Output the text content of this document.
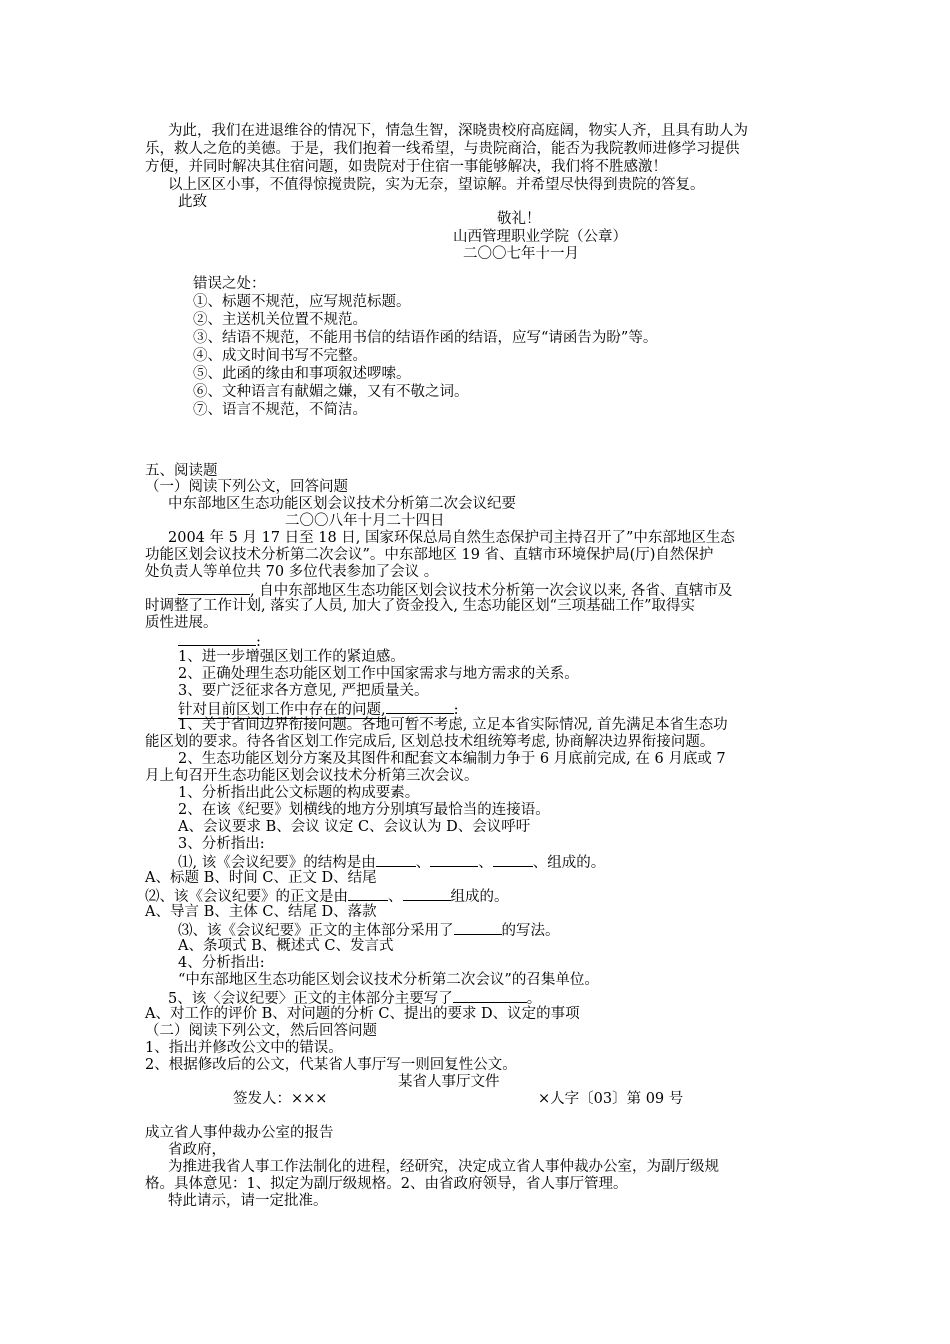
为此，我们在进退维谷的情况下，情急生智，深晓贵校府高庭阔，物实人齐，且具有助人为
乐，救人之危的美德。于是，我们抱着一线希望，与贵院商洽，能否为我院教师进修学习提供
方便，并同时解决其住宿问题，如贵院对于住宿一事能够解决，我们将不胜感激！
以上区区小事，不值得惊搅贵院，实为无奈，望谅解。并希望尽快得到贵院的答复。
此致
敬礼！
山西管理职业学院（公章）
二〇〇七年十一月
错误之处：
①、标题不规范，应写规范标题。
②、主送机关位置不规范。
③、结语不规范，不能用书信的结语作函的结语，应写“请函告为盼”等。
④、成文时间书写不完整。
⑤、此函的缘由和事项叙述啰嗦。
⑥、文种语言有献媚之嫌，又有不敬之词。
⑦、语言不规范，不简洁。
五、阅读题
（一）阅读下列公文，回答问题
中东部地区生态功能区划会议技术分析第二次会议纪要
二〇〇八年十月二十四日
2004 年 5 月 17 日至 18 日, 国家环保总局自然生态保护司主持召开了”中东部地区生态
功能区划会议技术分析第二次会议”。中东部地区 19 省、直辖市环境保护局(厅)自然保护
处负责人等单位共 70 多位代表参加了会议 。
, 自中东部地区生态功能区划会议技术分析第一次会议以来, 各省、直辖市及
时调整了工作计划, 落实了人员, 加大了资金投入, 生态功能区划“三项基础工作”取得实
质性进展。
:
1、进一步增强区划工作的紧迫感。
2、正确处理生态功能区划工作中国家需求与地方需求的关系。
3、要广泛征求各方意见, 严把质量关。
针对目前区划工作中存在的问题,	:
1、关于省间边界衔接问题。各地可暂不考虑, 立足本省实际情况, 首先满足本省生态功
能区划的要求。待各省区划工作完成后, 区划总技术组统筹考虑, 协商解决边界衔接问题。
2、生态功能区划分方案及其图件和配套文本编制力争于 6 月底前完成, 在 6 月底或 7
月上旬召开生态功能区划会议技术分析第三次会议。
1、分析指出此公文标题的构成要素。
2、在该《纪要》划横线的地方分别填写最恰当的连接语。
A、会议要求 B、会议 议定 C、会议认为 D、会议呼吁
3、分析指出:
⑴, 该《会议纪要》的结构是由	、	、	、组成的。
A、标题 B、时间 C、正文 D、结尾
⑵、该《会议纪要》的正文是由	、	组成的。
A、导言 B、主体 C、结尾 D、落款
⑶、该《会议纪要》正文的主体部分采用了	的写法。
A、条项式 B、概述式 C、发言式
4、分析指出:
“中东部地区生态功能区划会议技术分析第二次会议”的召集单位。
5、该〈会议纪要〉正文的主体部分主要写了	。
A、对工作的评价 B、对问题的分析 C、提出的要求 D、议定的事项
（二）阅读下列公文，然后回答问题
1、指出并修改公文中的错误。
2、根据修改后的公文，代某省人事厅写一则回复性公文。
某省人事厅文件
签发人：×××	×人字〔03〕第 09 号
成立省人事仲裁办公室的报告
省政府，
为推进我省人事工作法制化的进程，经研究，决定成立省人事仲裁办公室，为副厅级规
格。具体意见：1、拟定为副厅级规格。2、由省政府领导，省人事厅管理。
特此请示，请一定批准。
